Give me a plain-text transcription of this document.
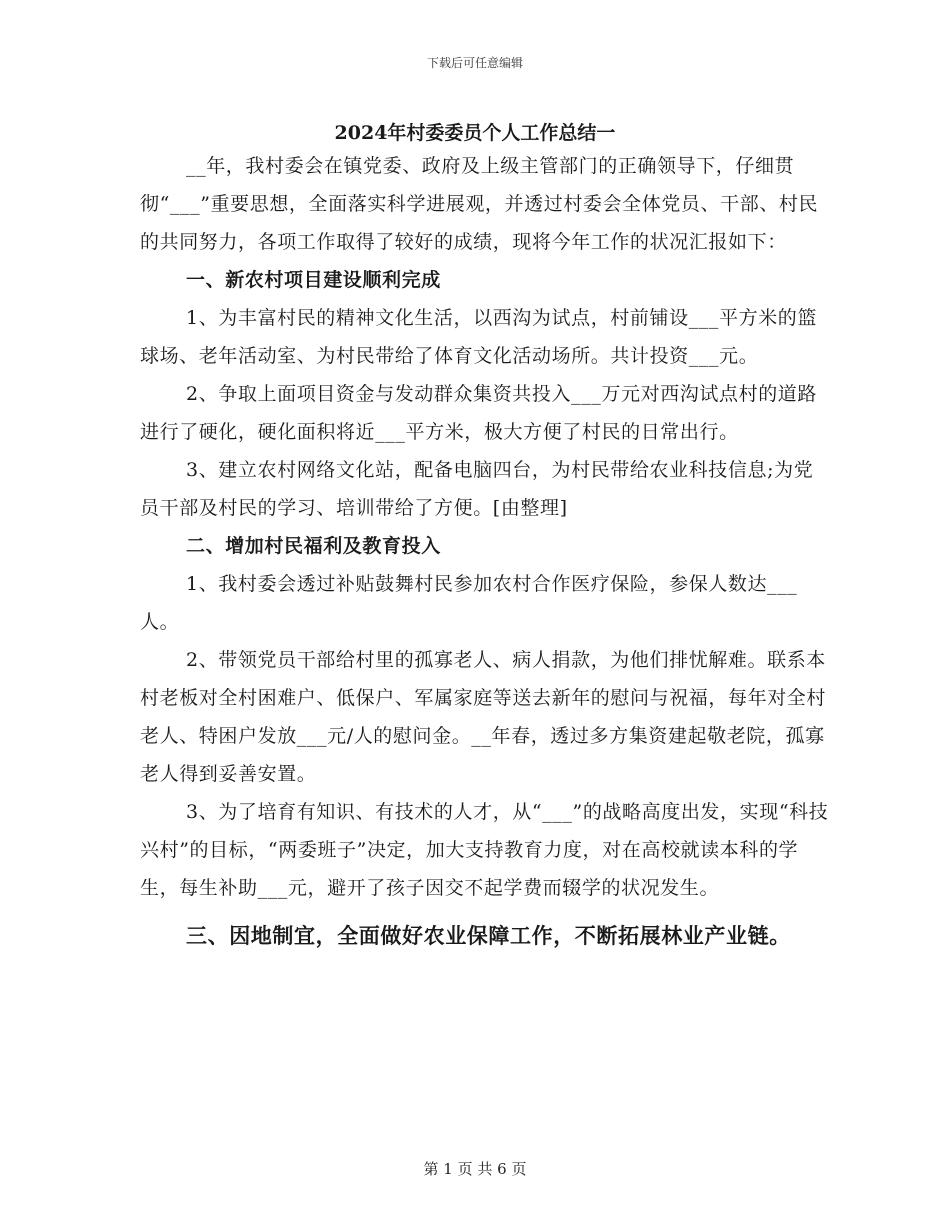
下载后可任意编辑
2024年村委委员个人工作总结一

__年，我村委会在镇党委、政府及上级主管部门的正确领导下，仔细贯彻“___”重要思想，全面落实科学进展观，并透过村委会全体党员、干部、村民的共同努力，各项工作取得了较好的成绩，现将今年工作的状况汇报如下：

一、新农村项目建设顺利完成

1、为丰富村民的精神文化生活，以西沟为试点，村前铺设___平方米的篮球场、老年活动室、为村民带给了体育文化活动场所。共计投资___元。

2、争取上面项目资金与发动群众集资共投入___万元对西沟试点村的道路进行了硬化，硬化面积将近___平方米，极大方便了村民的日常出行。

3、建立农村网络文化站，配备电脑四台，为村民带给农业科技信息;为党员干部及村民的学习、培训带给了方便。[由整理]

二、增加村民福利及教育投入

1、我村委会透过补贴鼓舞村民参加农村合作医疗保险，参保人数达___人。

2、带领党员干部给村里的孤寡老人、病人捐款，为他们排忧解难。联系本村老板对全村困难户、低保户、军属家庭等送去新年的慰问与祝福，每年对全村老人、特困户发放___元/人的慰问金。__年春，透过多方集资建起敬老院，孤寡老人得到妥善安置。

3、为了培育有知识、有技术的人才，从“___”的战略高度出发，实现“科技兴村”的目标，“两委班子”决定，加大支持教育力度，对在高校就读本科的学生，每生补助___元，避开了孩子因交不起学费而辍学的状况发生。

三、因地制宜，全面做好农业保障工作，不断拓展林业产业链。

第 1 页 共 6 页
